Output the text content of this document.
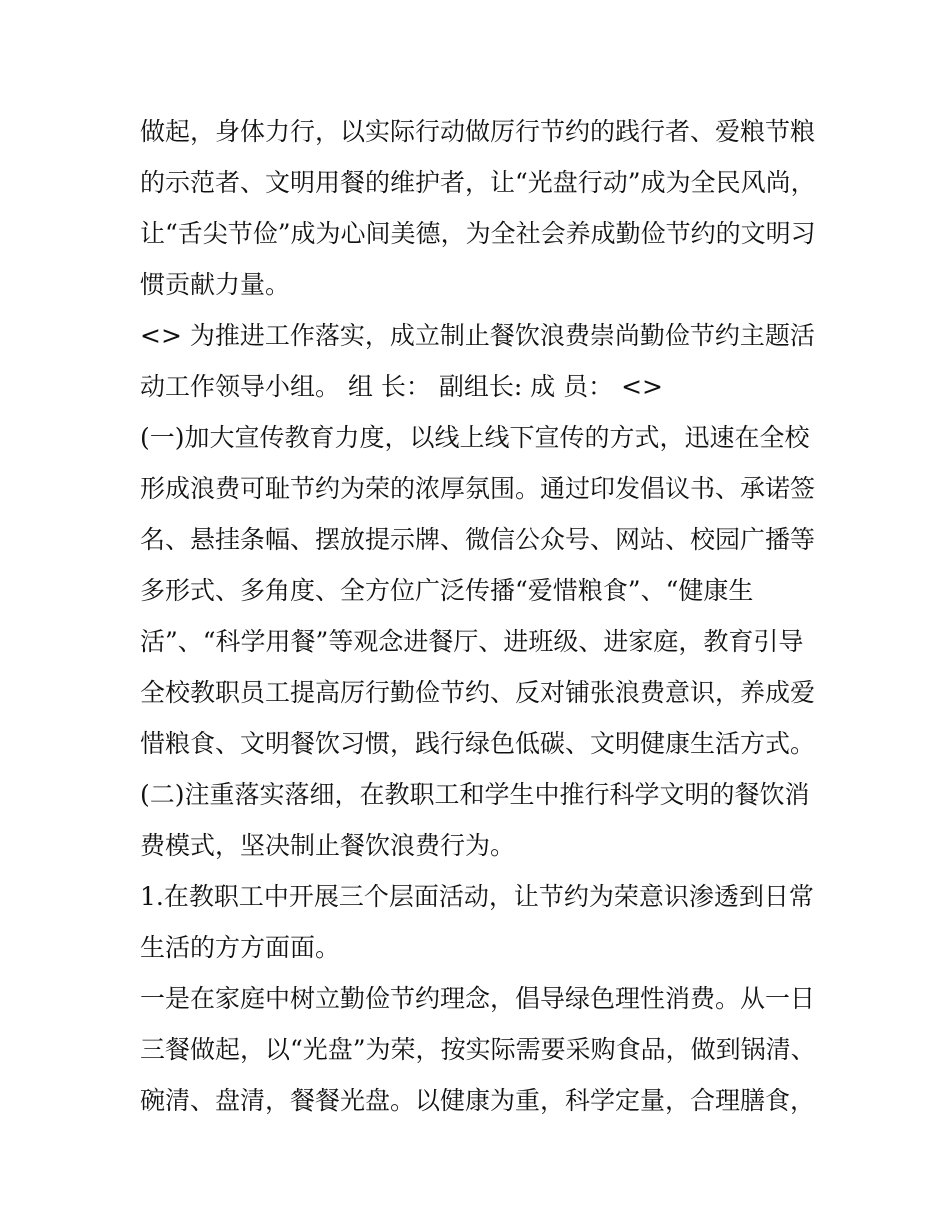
做起，身体力行，以实际行动做厉行节约的践行者、爱粮节粮
的示范者、文明用餐的维护者，让“光盘行动”成为全民风尚，
让“舌尖节俭”成为心间美德，为全社会养成勤俭节约的文明习
惯贡献力量。
<> 为推进工作落实，成立制止餐饮浪费崇尚勤俭节约主题活
动工作领导小组。 组 长： 副组长: 成 员： <>
(一)加大宣传教育力度，以线上线下宣传的方式，迅速在全校
形成浪费可耻节约为荣的浓厚氛围。通过印发倡议书、承诺签
名、悬挂条幅、摆放提示牌、微信公众号、网站、校园广播等
多形式、多角度、全方位广泛传播“爱惜粮食”、“健康生
活”、“科学用餐”等观念进餐厅、进班级、进家庭，教育引导
全校教职员工提高厉行勤俭节约、反对铺张浪费意识，养成爱
惜粮食、文明餐饮习惯，践行绿色低碳、文明健康生活方式。
(二)注重落实落细，在教职工和学生中推行科学文明的餐饮消
费模式，坚决制止餐饮浪费行为。
1.在教职工中开展三个层面活动，让节约为荣意识渗透到日常
生活的方方面面。
一是在家庭中树立勤俭节约理念，倡导绿色理性消费。从一日
三餐做起，以“光盘”为荣，按实际需要采购食品，做到锅清、
碗清、盘清，餐餐光盘。以健康为重，科学定量，合理膳食，
